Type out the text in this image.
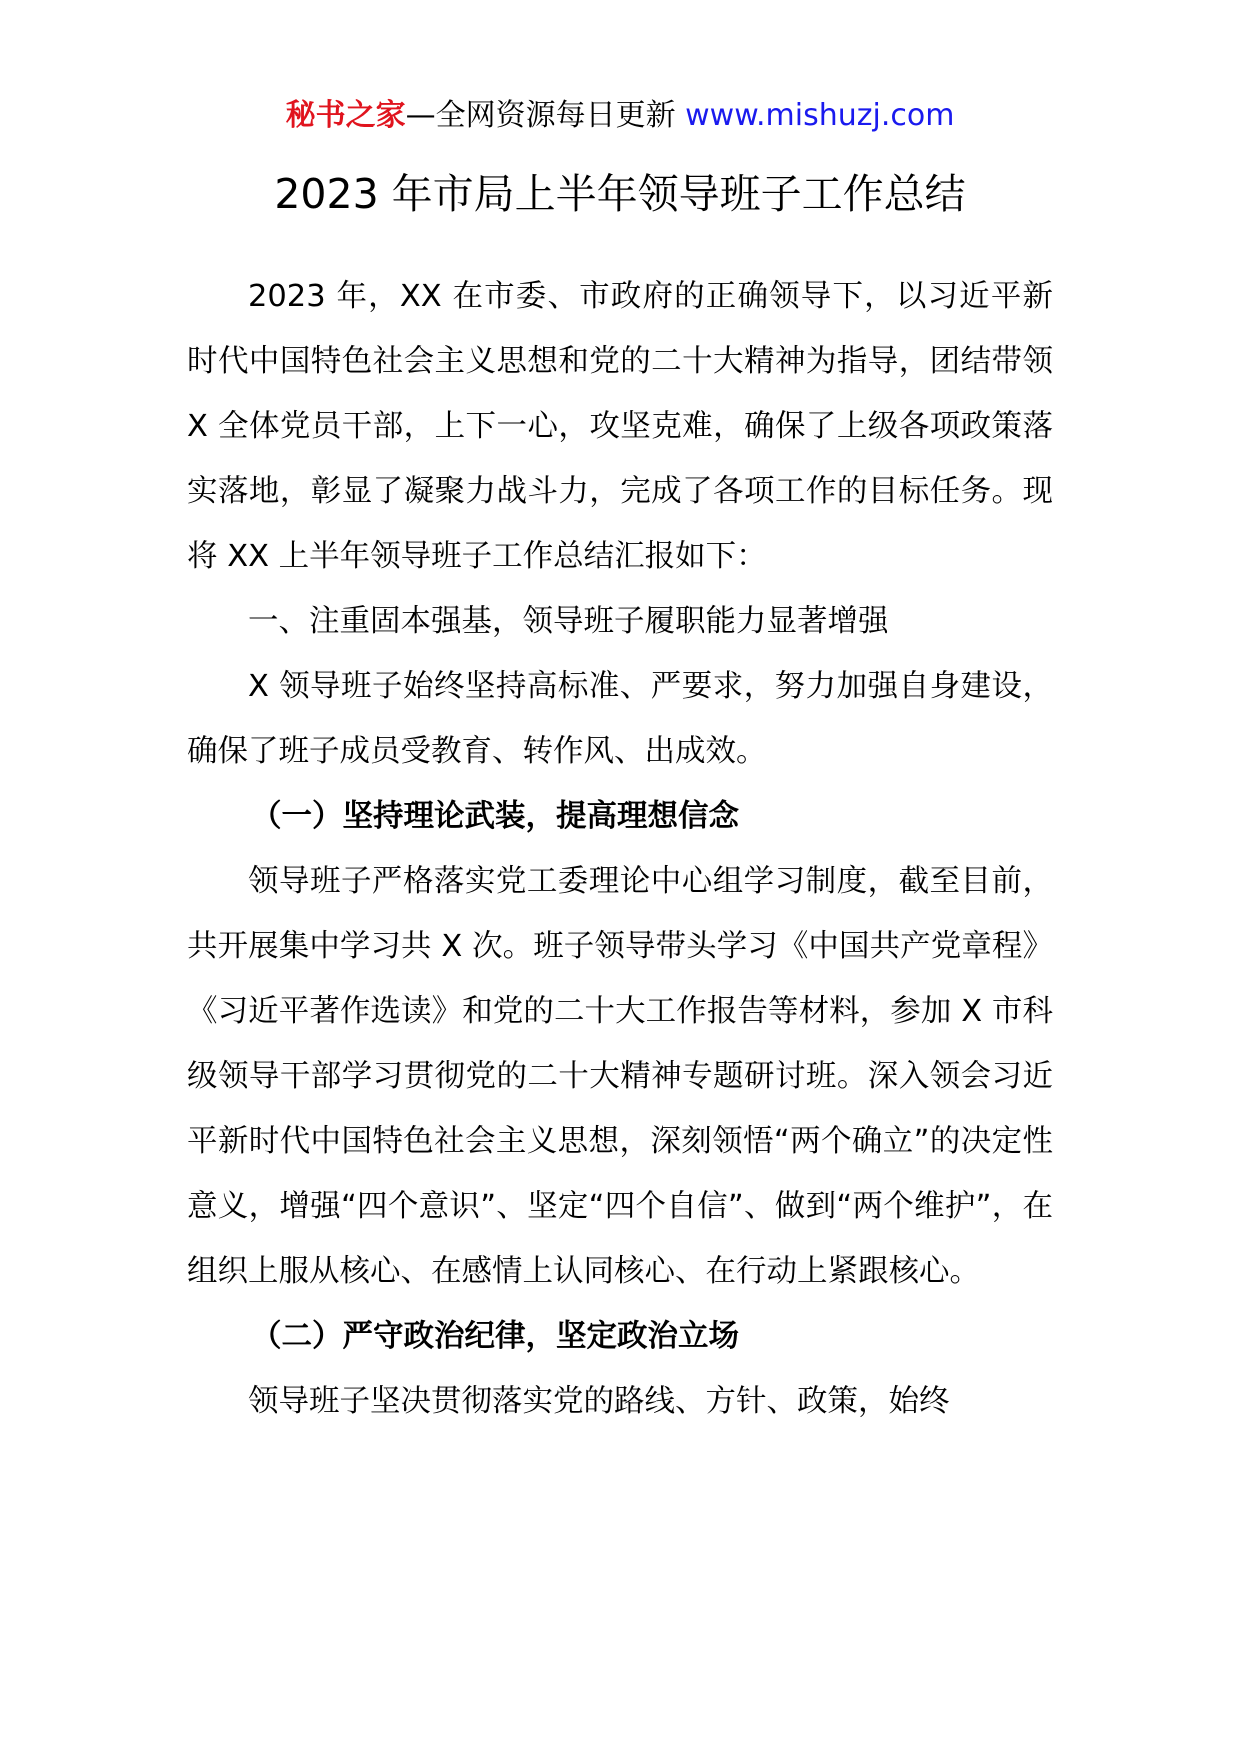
秘书之家—全网资源每日更新 www.mishuzj.com
2023 年市局上半年领导班子工作总结

2023 年，XX 在市委、市政府的正确领导下，以习近平新时代中国特色社会主义思想和党的二十大精神为指导，团结带领 X 全体党员干部，上下一心，攻坚克难，确保了上级各项政策落实落地，彰显了凝聚力战斗力，完成了各项工作的目标任务。现将 XX 上半年领导班子工作总结汇报如下：

一、注重固本强基，领导班子履职能力显著增强

X 领导班子始终坚持高标准、严要求，努力加强自身建设，确保了班子成员受教育、转作风、出成效。

（一）坚持理论武装，提高理想信念

领导班子严格落实党工委理论中心组学习制度，截至目前，共开展集中学习共 X 次。班子领导带头学习《中国共产党章程》《习近平著作选读》和党的二十大工作报告等材料，参加 X 市科级领导干部学习贯彻党的二十大精神专题研讨班。深入领会习近平新时代中国特色社会主义思想，深刻领悟“两个确立”的决定性意义，增强“四个意识”、坚定“四个自信”、做到“两个维护”，在组织上服从核心、在感情上认同核心、在行动上紧跟核心。

（二）严守政治纪律，坚定政治立场

领导班子坚决贯彻落实党的路线、方针、政策，始终
